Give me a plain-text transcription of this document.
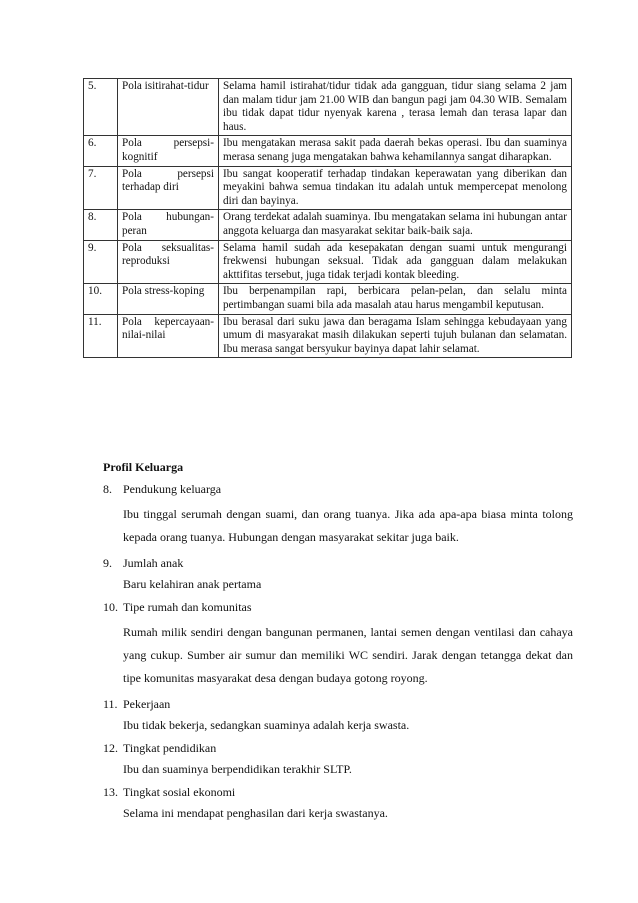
5.	Pola isitirahat-tidur	Selama hamil istirahat/tidur tidak ada gangguan, tidur siang selama 2 jam dan malam tidur jam 21.00 WIB dan bangun pagi jam 04.30 WIB. Semalam ibu tidak dapat tidur nyenyak karena , terasa lemah dan terasa lapar dan haus.
6.	Pola persepsi-kognitif	Ibu mengatakan merasa sakit pada daerah bekas operasi. Ibu dan suaminya merasa senang juga mengatakan bahwa kehamilannya sangat diharapkan.
7.	Pola persepsi terhadap diri	Ibu sangat kooperatif terhadap tindakan keperawatan yang diberikan dan meyakini bahwa semua tindakan itu adalah untuk mempercepat menolong diri dan bayinya.
8.	Pola hubungan-peran	Orang terdekat adalah suaminya. Ibu mengatakan selama ini hubungan antar anggota keluarga dan masyarakat sekitar baik-baik saja.
9.	Pola seksualitas-reproduksi	Selama hamil sudah ada kesepakatan dengan suami untuk mengurangi frekwensi hubungan seksual. Tidak ada gangguan dalam melakukan akttifitas tersebut, juga tidak terjadi kontak bleeding.
10.	Pola stress-koping	Ibu berpenampilan rapi, berbicara pelan-pelan, dan selalu minta pertimbangan suami bila ada masalah atau harus mengambil keputusan.
11.	Pola kepercayaan-nilai-nilai	Ibu berasal dari suku jawa dan beragama Islam sehingga kebudayaan yang umum di masyarakat masih dilakukan seperti tujuh bulanan dan selamatan. Ibu merasa sangat bersyukur bayinya dapat lahir selamat.
Profil Keluarga
8. Pendukung keluarga
Ibu tinggal serumah dengan suami, dan orang tuanya. Jika ada apa-apa biasa minta tolong kepada orang tuanya. Hubungan dengan masyarakat sekitar juga baik.
9. Jumlah anak
Baru kelahiran anak pertama
10. Tipe rumah dan komunitas
Rumah milik sendiri dengan bangunan permanen, lantai semen dengan ventilasi dan cahaya yang cukup. Sumber air sumur dan memiliki WC sendiri. Jarak dengan tetangga dekat dan tipe komunitas masyarakat desa dengan budaya gotong royong.
11. Pekerjaan
Ibu tidak bekerja, sedangkan suaminya adalah kerja swasta.
12. Tingkat pendidikan
Ibu dan suaminya berpendidikan terakhir SLTP.
13. Tingkat sosial ekonomi
Selama ini mendapat penghasilan dari kerja swastanya.
